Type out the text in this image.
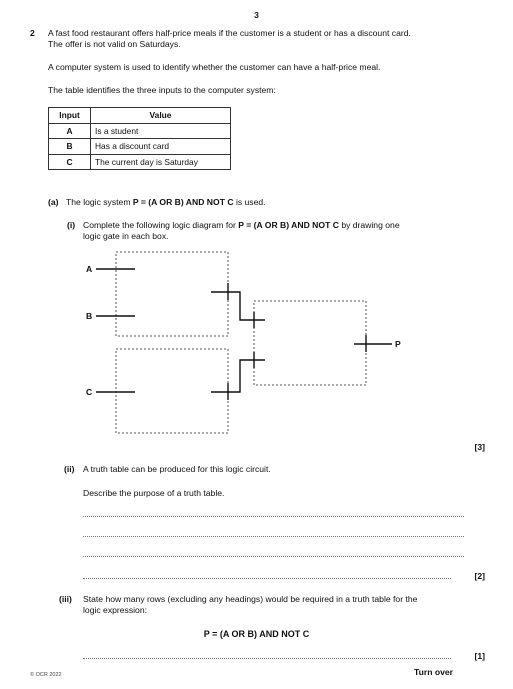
3
2 A fast food restaurant offers half-price meals if the customer is a student or has a discount card.
The offer is not valid on Saturdays.
A computer system is used to identify whether the customer can have a half-price meal.
The table identifies the three inputs to the computer system:
Input	Value
A	Is a student
B	Has a discount card
C	The current day is Saturday
(a) The logic system P = (A OR B) AND NOT C is used.
(i) Complete the following logic diagram for P = (A OR B) AND NOT C by drawing one
logic gate in each box.
A
B
C
P
[3]
(ii) A truth table can be produced for this logic circuit.
Describe the purpose of a truth table.
[2]
(iii) State how many rows (excluding any headings) would be required in a truth table for the
logic expression:
P = (A OR B) AND NOT C
[1]
© OCR 2022	Turn over
